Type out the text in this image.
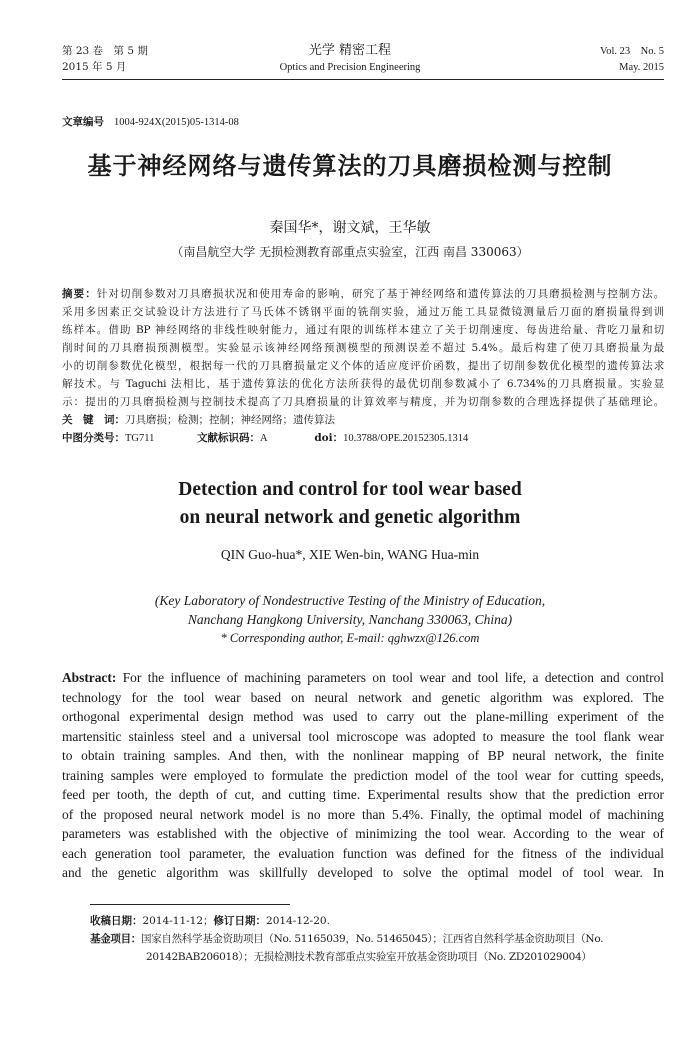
第 23 卷　第 5 期
2015 年 5 月
光学 精密工程
Optics and Precision Engineering
Vol. 23　No. 5
May. 2015
文章编号 1004-924X(2015)05-1314-08
基于神经网络与遗传算法的刀具磨损检测与控制
秦国华*，谢文斌，王华敏
（南昌航空大学 无损检测教育部重点实验室，江西 南昌 330063）
摘要：针对切削参数对刀具磨损状况和使用寿命的影响，研究了基于神经网络和遗传算法的刀具磨损检测与控制方法。
采用多因素正交试验设计方法进行了马氏体不锈钢平面的铣削实验，通过万能工具显微镜测量后刀面的磨损量得到训
练样本。借助 BP 神经网络的非线性映射能力，通过有限的训练样本建立了关于切削速度、每齿进给量、背吃刀量和切
削时间的刀具磨损预测模型。实验显示该神经网络预测模型的预测误差不超过 5.4%。最后构建了使刀具磨损量为最
小的切削参数优化模型，根据每一代的刀具磨损量定义个体的适应度评价函数，提出了切削参数优化模型的遗传算法求
解技术。与 Taguchi 法相比，基于遗传算法的优化方法所获得的最优切削参数减小了 6.734%的刀具磨损量。实验显
示：提出的刀具磨损检测与控制技术提高了刀具磨损量的计算效率与精度，并为切削参数的合理选择提供了基础理论。
关　键　词：刀具磨损；检测；控制；神经网络；遗传算法
中图分类号：TG711	文献标识码：A	doi：10.3788/OPE.20152305.1314
Detection and control for tool wear based
on neural network and genetic algorithm
QIN Guo-hua*, XIE Wen-bin, WANG Hua-min
(Key Laboratory of Nondestructive Testing of the Ministry of Education,
Nanchang Hangkong University, Nanchang 330063, China)
* Corresponding author, E-mail: qghwzx@126.com
Abstract: For the influence of machining parameters on tool wear and tool life, a detection and control
technology for the tool wear based on neural network and genetic algorithm was explored. The
orthogonal experimental design method was used to carry out the plane-milling experiment of the
martensitic stainless steel and a universal tool microscope was adopted to measure the tool flank wear
to obtain training samples. And then, with the nonlinear mapping of BP neural network, the finite
training samples were employed to formulate the prediction model of the tool wear for cutting speeds,
feed per tooth, the depth of cut, and cutting time. Experimental results show that the prediction error
of the proposed neural network model is no more than 5.4%. Finally, the optimal model of machining
parameters was established with the objective of minimizing the tool wear. According to the wear of
each generation tool parameter, the evaluation function was defined for the fitness of the individual
and the genetic algorithm was skillfully developed to solve the optimal model of tool wear. In
收稿日期：2014-11-12；修订日期：2014-12-20.
基金项目：国家自然科学基金资助项目（No. 51165039，No. 51465045）；江西省自然科学基金资助项目（No.
20142BAB206018）；无损检测技术教育部重点实验室开放基金资助项目（No. ZD201029004）
